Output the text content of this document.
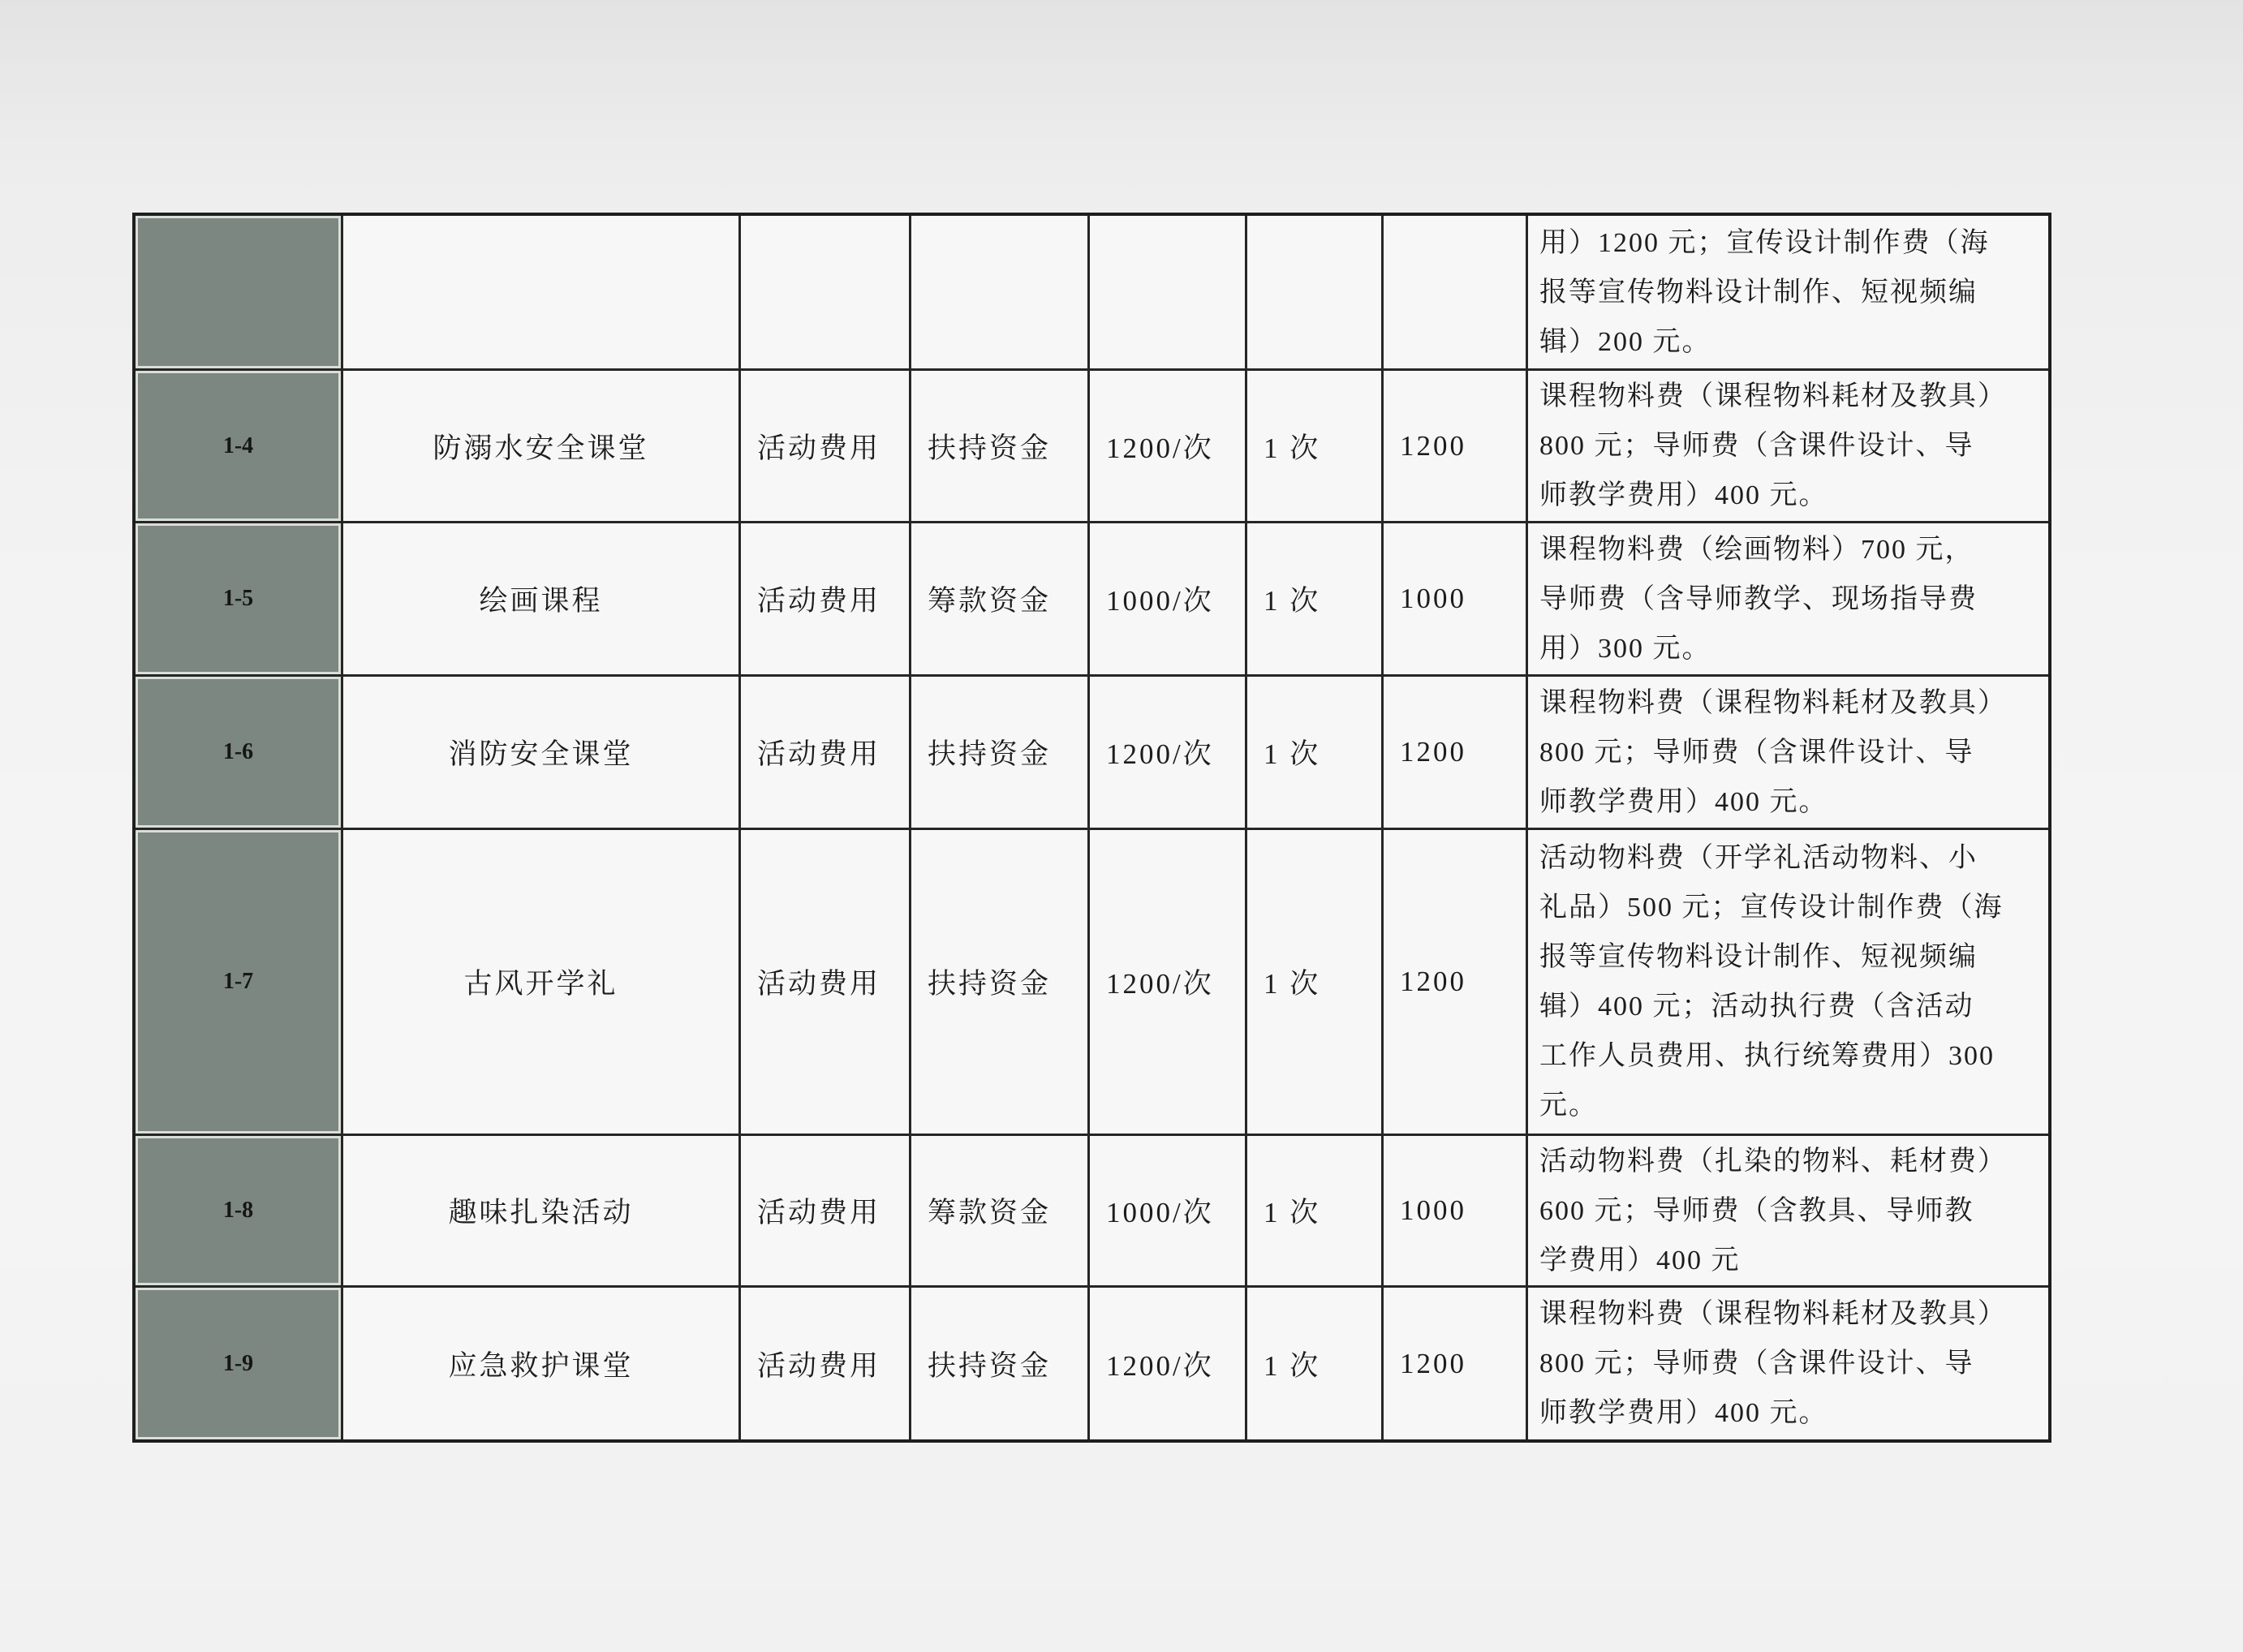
用）1200 元；宣传设计制作费（海
报等宣传物料设计制作、短视频编
辑）200 元。
1-4	防溺水安全课堂	活动费用	扶持资金	1200/次	1 次	1200
课程物料费（课程物料耗材及教具）
800 元；导师费（含课件设计、导
师教学费用）400 元。
1-5	绘画课程	活动费用	筹款资金	1000/次	1 次	1000
课程物料费（绘画物料）700 元，
导师费（含导师教学、现场指导费
用）300 元。
1-6	消防安全课堂	活动费用	扶持资金	1200/次	1 次	1200
课程物料费（课程物料耗材及教具）
800 元；导师费（含课件设计、导
师教学费用）400 元。
1-7	古风开学礼	活动费用	扶持资金	1200/次	1 次	1200
活动物料费（开学礼活动物料、小
礼品）500 元；宣传设计制作费（海
报等宣传物料设计制作、短视频编
辑）400 元；活动执行费（含活动
工作人员费用、执行统筹费用）300
元。
1-8	趣味扎染活动	活动费用	筹款资金	1000/次	1 次	1000
活动物料费（扎染的物料、耗材费）
600 元；导师费（含教具、导师教
学费用）400 元
1-9	应急救护课堂	活动费用	扶持资金	1200/次	1 次	1200
课程物料费（课程物料耗材及教具）
800 元；导师费（含课件设计、导
师教学费用）400 元。
